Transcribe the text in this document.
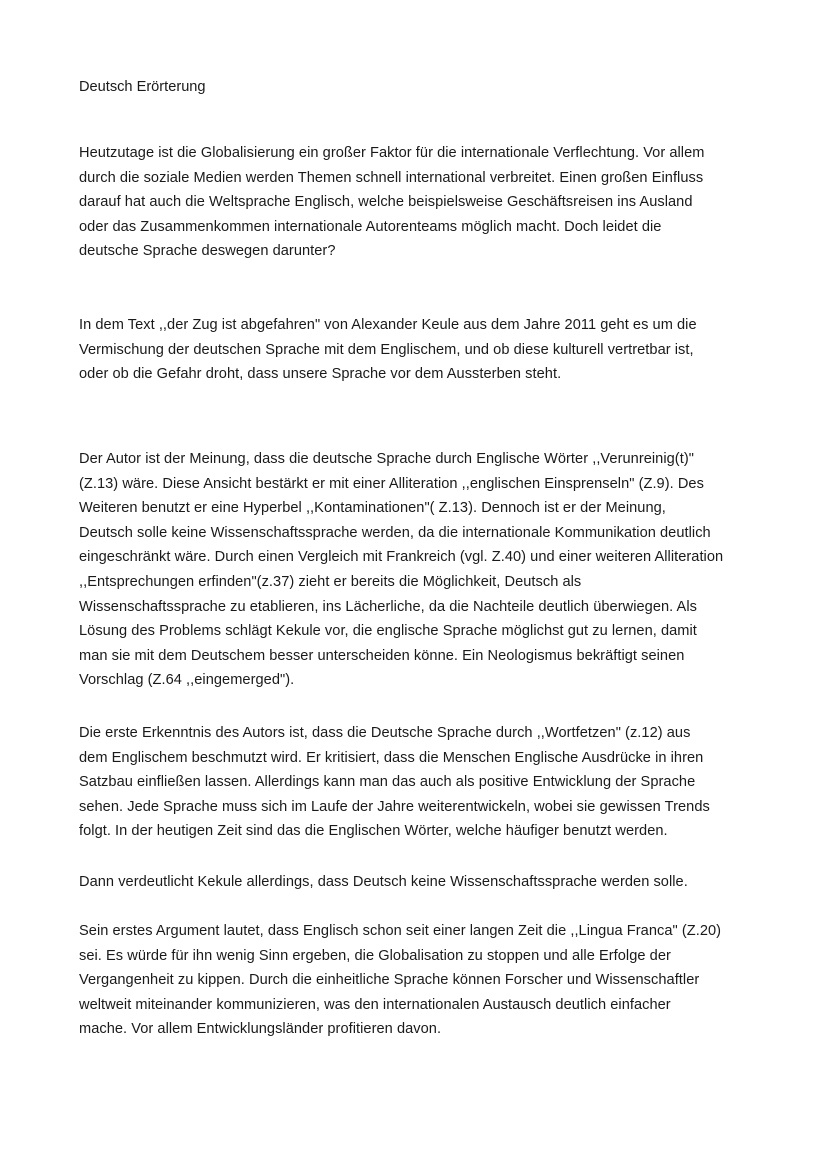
Deutsch Erörterung

Heutzutage ist die Globalisierung ein großer Faktor für die internationale Verflechtung. Vor allem
durch die soziale Medien werden Themen schnell international verbreitet. Einen großen Einfluss
darauf hat auch die Weltsprache Englisch, welche beispielsweise Geschäftsreisen ins Ausland
oder das Zusammenkommen internationale Autorenteams möglich macht. Doch leidet die
deutsche Sprache deswegen darunter?

In dem Text ,,der Zug ist abgefahren" von Alexander Keule aus dem Jahre 2011 geht es um die
Vermischung der deutschen Sprache mit dem Englischem, und ob diese kulturell vertretbar ist,
oder ob die Gefahr droht, dass unsere Sprache vor dem Aussterben steht.

Der Autor ist der Meinung, dass die deutsche Sprache durch Englische Wörter ,,Verunreinig(t)"
(Z.13) wäre. Diese Ansicht bestärkt er mit einer Alliteration ,,englischen Einsprenseln" (Z.9). Des
Weiteren benutzt er eine Hyperbel ,,Kontaminationen"( Z.13). Dennoch ist er der Meinung,
Deutsch solle keine Wissenschaftssprache werden, da die internationale Kommunikation deutlich
eingeschränkt wäre. Durch einen Vergleich mit Frankreich (vgl. Z.40) und einer weiteren Alliteration
,,Entsprechungen erfinden"(z.37) zieht er bereits die Möglichkeit, Deutsch als
Wissenschaftssprache zu etablieren, ins Lächerliche, da die Nachteile deutlich überwiegen. Als
Lösung des Problems schlägt Kekule vor, die englische Sprache möglichst gut zu lernen, damit
man sie mit dem Deutschem besser unterscheiden könne. Ein Neologismus bekräftigt seinen
Vorschlag (Z.64 ,,eingemerged").

Die erste Erkenntnis des Autors ist, dass die Deutsche Sprache durch ,,Wortfetzen" (z.12) aus
dem Englischem beschmutzt wird. Er kritisiert, dass die Menschen Englische Ausdrücke in ihren
Satzbau einfließen lassen. Allerdings kann man das auch als positive Entwicklung der Sprache
sehen. Jede Sprache muss sich im Laufe der Jahre weiterentwickeln, wobei sie gewissen Trends
folgt. In der heutigen Zeit sind das die Englischen Wörter, welche häufiger benutzt werden.

Dann verdeutlicht Kekule allerdings, dass Deutsch keine Wissenschaftssprache werden solle.

Sein erstes Argument lautet, dass Englisch schon seit einer langen Zeit die ,,Lingua Franca" (Z.20)
sei. Es würde für ihn wenig Sinn ergeben, die Globalisation zu stoppen und alle Erfolge der
Vergangenheit zu kippen. Durch die einheitliche Sprache können Forscher und Wissenschaftler
weltweit miteinander kommunizieren, was den internationalen Austausch deutlich einfacher
mache. Vor allem Entwicklungsländer profitieren davon.
